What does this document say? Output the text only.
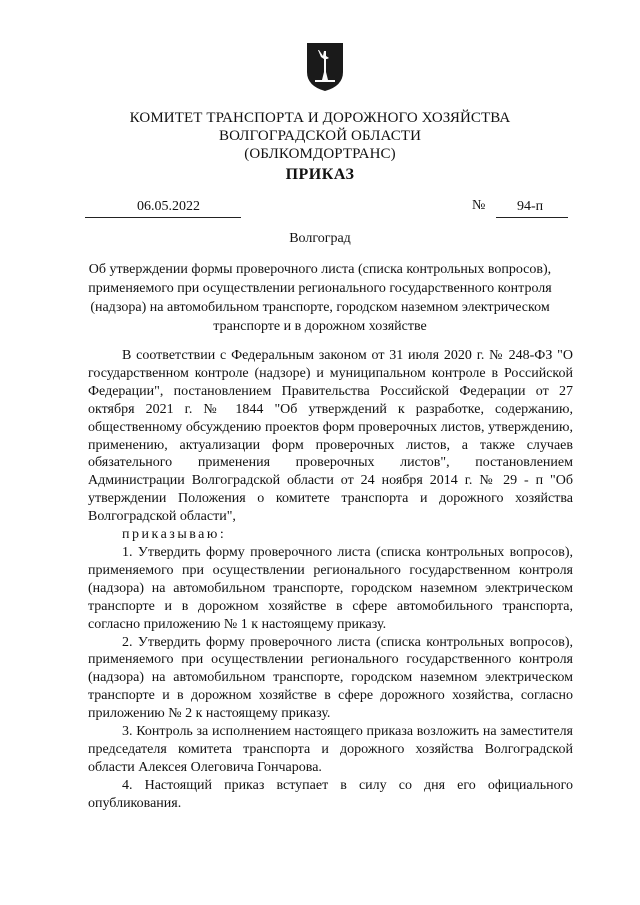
КОМИТЕТ ТРАНСПОРТА И ДОРОЖНОГО ХОЗЯЙСТВА
ВОЛГОГРАДСКОЙ ОБЛАСТИ
(ОБЛКОМДОРТРАНС)
ПРИКАЗ
06.05.2022	№ 94-п
Волгоград
Об утверждении формы проверочного листа (списка контрольных вопросов), применяемого при осуществлении регионального государственного контроля (надзора) на автомобильном транспорте, городском наземном электрическом транспорте и в дорожном хозяйстве

В соответствии с Федеральным законом от 31 июля 2020 г. № 248-ФЗ "О государственном контроле (надзоре) и муниципальном контроле в Российской Федерации", постановлением Правительства Российской Федерации от 27 октября 2021 г. № 1844 "Об утверждений к разработке, содержанию, общественному обсуждению проектов форм проверочных листов, утверждению, применению, актуализации форм проверочных листов, а также случаев обязательного применения проверочных листов", постановлением Администрации Волгоградской области от 24 ноября 2014 г. № 29 - п "Об утверждении Положения о комитете транспорта и дорожного хозяйства Волгоградской области",

приказываю:

1. Утвердить форму проверочного листа (списка контрольных вопросов), применяемого при осуществлении регионального государственном контроля (надзора) на автомобильном транспорте, городском наземном электрическом транспорте и в дорожном хозяйстве в сфере автомобильного транспорта, согласно приложению № 1 к настоящему приказу.

2. Утвердить форму проверочного листа (списка контрольных вопросов), применяемого при осуществлении регионального государственного контроля (надзора) на автомобильном транспорте, городском наземном электрическом транспорте и в дорожном хозяйстве в сфере дорожного хозяйства, согласно приложению № 2 к настоящему приказу.

3. Контроль за исполнением настоящего приказа возложить на заместителя председателя комитета транспорта и дорожного хозяйства Волгоградской области Алексея Олеговича Гончарова.

4. Настоящий приказ вступает в силу со дня его официального опубликования.
